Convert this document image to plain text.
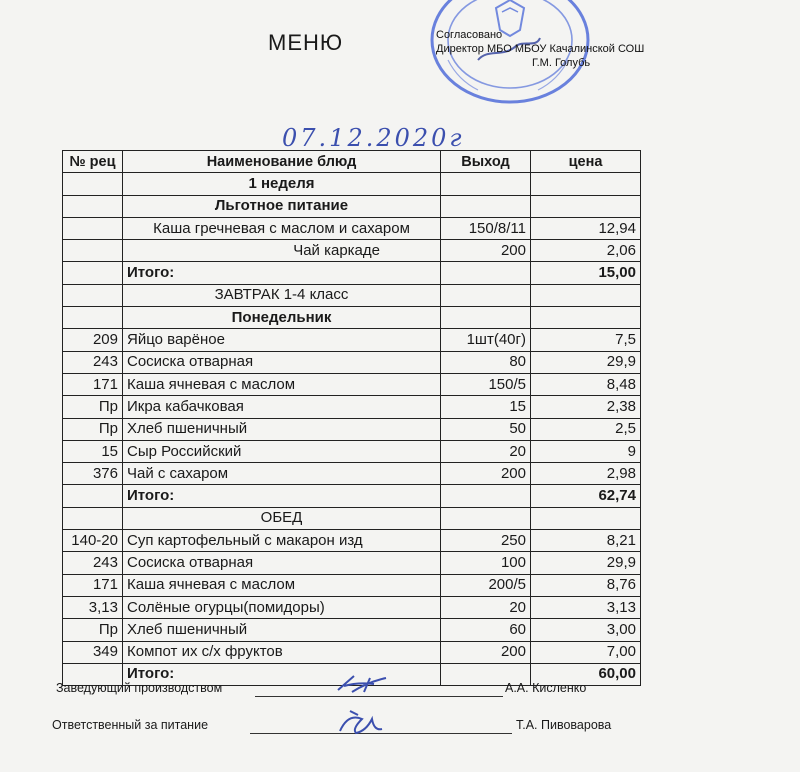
МЕНЮ	Согласовано
Директор МБО МБОУ Качалинской СОШ
Г.М. Голубь
07.12.2020г
№ рец	Наименование блюд	Выход	цена
	1 неделя		
	Льготное питание		
	Каша гречневая с маслом и сахаром	150/8/11	12,94
	Чай каркаде	200	2,06
	Итого:		15,00
	ЗАВТРАК 1-4 класс		
	Понедельник		
209	Яйцо варёное	1шт(40г)	7,5
243	Сосиска отварная	80	29,9
171	Каша ячневая с маслом	150/5	8,48
Пр	Икра кабачковая	15	2,38
Пр	Хлеб пшеничный	50	2,5
15	Сыр Российский	20	9
376	Чай с сахаром	200	2,98
	Итого:		62,74
	ОБЕД		
140-20	Суп картофельный с макарон изд	250	8,21
243	Сосиска отварная	100	29,9
171	Каша ячневая с маслом	200/5	8,76
3,13	Солёные огурцы(помидоры)	20	3,13
Пр	Хлеб пшеничный	60	3,00
349	Компот их с/х фруктов	200	7,00
	Итого:		60,00
Заведующий производством	А.А. Кисленко
Ответственный за питание	Т.А. Пивоварова
